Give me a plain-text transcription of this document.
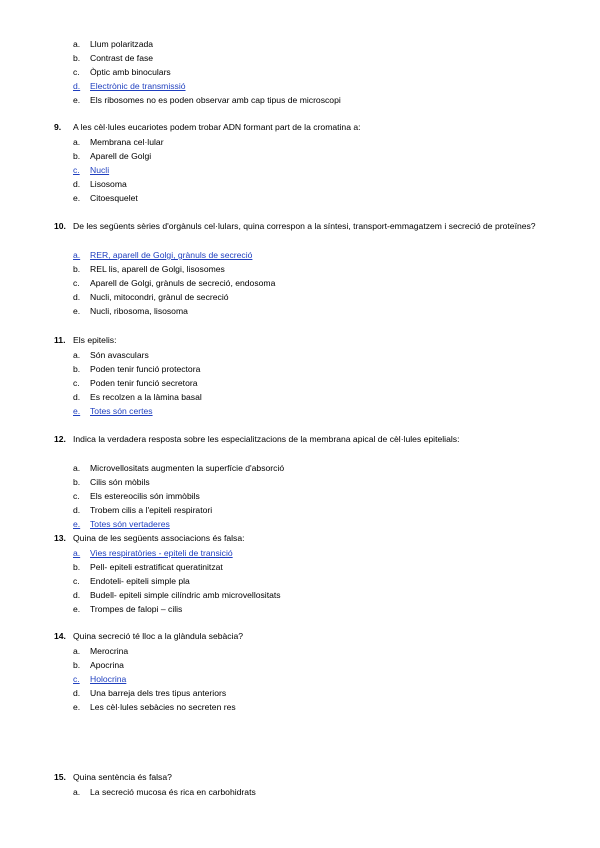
a. Llum polaritzada
b. Contrast de fase
c. Òptic amb binoculars
d. Electrònic de transmissió
e. Els ribosomes no es poden observar amb cap tipus de microscopi
9. A les cèl·lules eucariotes podem trobar ADN formant part de la cromatina a:
a. Membrana cel·lular
b. Aparell de Golgi
c. Nucli
d. Lisosoma
e. Citoesquelet
10. De les següents sèries d'orgànuls cel·lulars, quina correspon a la síntesi, transport-emmagatzem i secreció de proteïnes?
a. RER, aparell de Golgi, grànuls de secreció
b. REL lis, aparell de Golgi, lisosomes
c. Aparell de Golgi, grànuls de secreció, endosoma
d. Nucli, mitocondri, grànul de secreció
e. Nucli, ribosoma, lisosoma
11. Els epitelis:
a. Són avasculars
b. Poden tenir funció protectora
c. Poden tenir funció secretora
d. Es recolzen a la làmina basal
e. Totes són certes
12. Indica la verdadera resposta sobre les especialitzacions de la membrana apical de cèl·lules epitelials:
a. Microvellositats augmenten la superfície d'absorció
b. Cilis són mòbils
c. Els estereocilis són immòbils
d. Trobem cilis a l'epiteli respiratori
e. Totes són vertaderes
13. Quina de les següents associacions és falsa:
a. Vies respiratòries - epiteli de transició
b. Pell- epiteli estratificat queratinitzat
c. Endoteli- epiteli simple pla
d. Budell- epiteli simple cilíndric amb microvellositats
e. Trompes de falopi – cilis
14. Quina secreció té lloc a la glàndula sebàcia?
a. Merocrina
b. Apocrina
c. Holocrina
d. Una barreja dels tres tipus anteriors
e. Les cèl·lules sebàcies no secreten res
15. Quina sentència és falsa?
a. La secreció mucosa és rica en carbohidrats
